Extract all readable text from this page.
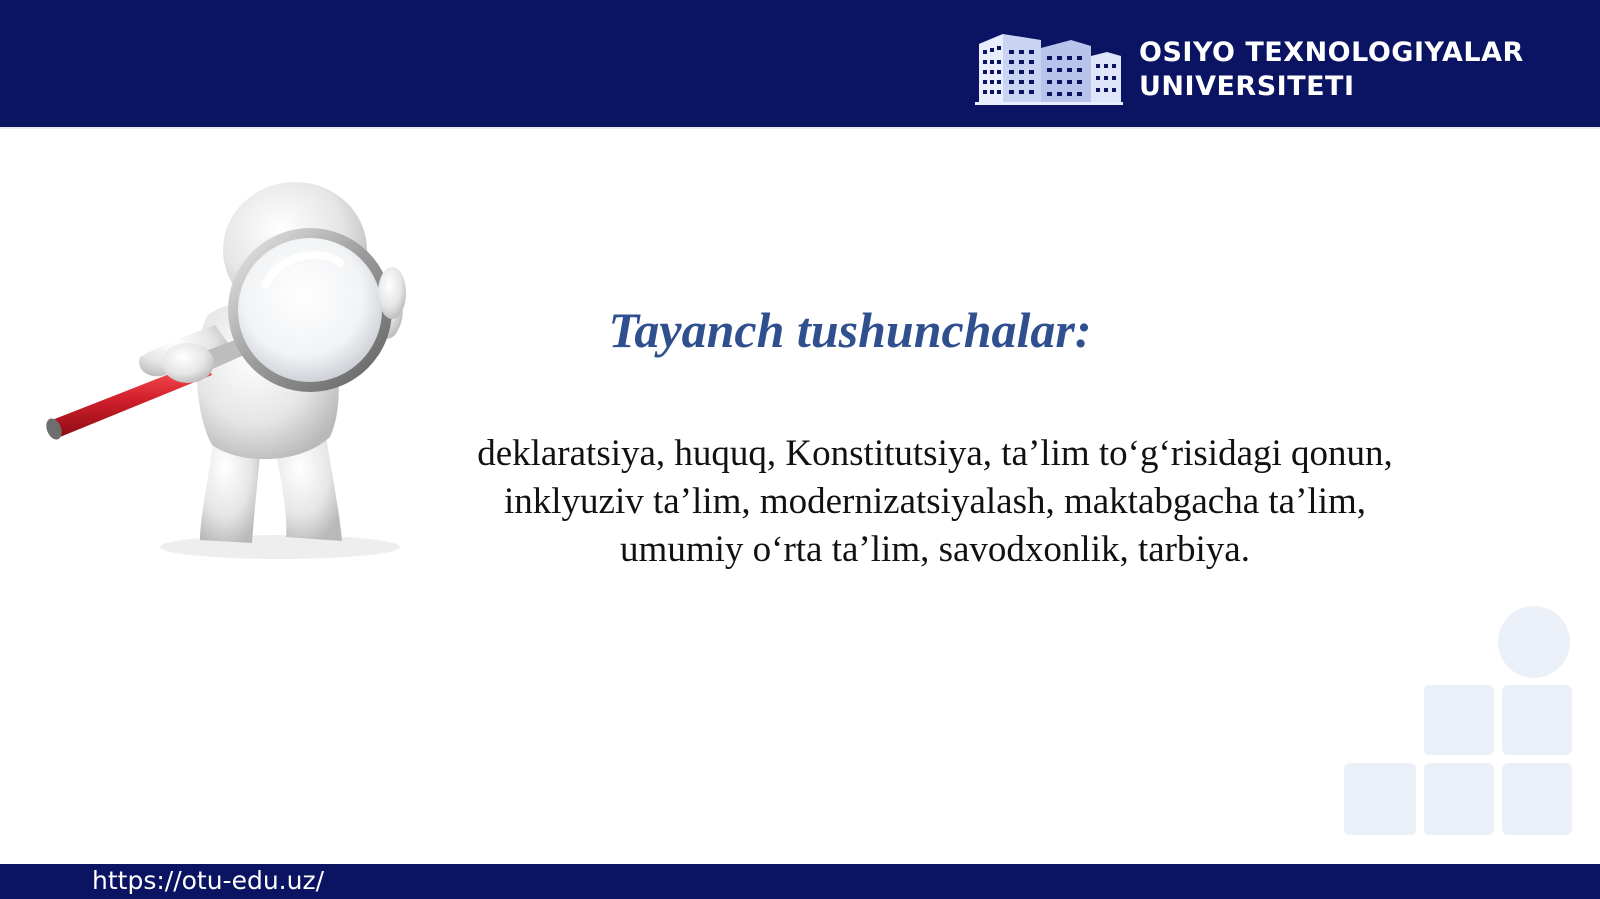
OSIYO TEXNOLOGIYALAR
UNIVERSITETI
Tayanch tushunchalar:

deklaratsiya, huquq, Konstitutsiya, ta’lim to‘g‘risidagi qonun,
inklyuziv ta’lim, modernizatsiyalash, maktabgacha ta’lim,
umumiy o‘rta ta’lim, savodxonlik, tarbiya.

https://otu-edu.uz/
